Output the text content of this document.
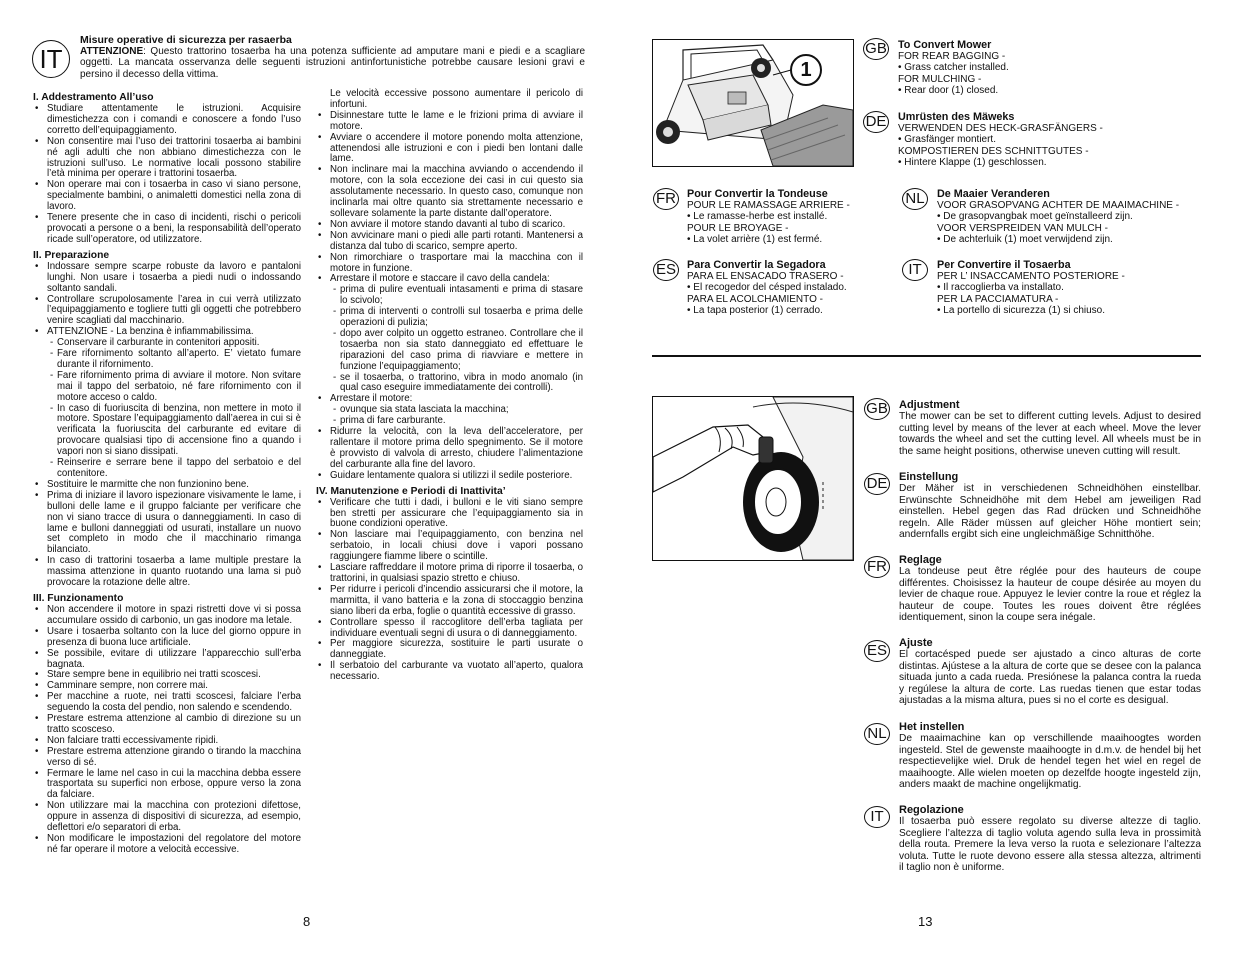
IT
Misure operative di sicurezza per rasaerba
ATTENZIONE: Questo trattorino tosaerba ha una potenza sufficiente ad amputare mani e piedi e a scagliare oggetti. La mancata osservanza delle seguenti istruzioni antinfortunistiche potrebbe causare lesioni gravi e persino il decesso della vittima.
I. Addestramento All’uso
• Studiare attentamente le istruzioni. Acquisire dimestichezza con i comandi e conoscere a fondo l’uso corretto dell’equipaggiamento.
• Non consentire mai l’uso dei trattorini tosaerba ai bambini né agli adulti che non abbiano dimestichezza con le istruzioni sull’uso. Le normative locali possono stabilire l’età minima per operare i trattorini tosaerba.
• Non operare mai con i tosaerba in caso vi siano persone, specialmente bambini, o animaletti domestici nella zona di lavoro.
• Tenere presente che in caso di incidenti, rischi o pericoli provocati a persone o a beni, la responsabilità dell’operato ricade sull’operatore, od utilizzatore.
II. Preparazione
• Indossare sempre scarpe robuste da lavoro e pantaloni lunghi. Non usare i tosaerba a piedi nudi o indossando soltanto sandali.
• Controllare scrupolosamente l’area in cui verrà utilizzato l’equipaggiamento e togliere tutti gli oggetti che potrebbero venire scagliati dal macchinario.
• ATTENZIONE - La benzina è infiammabilissima.
- Conservare il carburante in contenitori appositi.
- Fare rifornimento soltanto all’aperto. E’ vietato fumare durante il rifornimento.
- Fare rifornimento prima di avviare il motore. Non svitare mai il tappo del serbatoio, né fare rifornimento con il motore acceso o caldo.
- In caso di fuoriuscita di benzina, non mettere in moto il motore. Spostare l’equipaggiamento dall’aerea in cui si è verificata la fuoriuscita del carburante ed evitare di provocare qualsiasi tipo di accensione fino a quando i vapori non si siano dissipati.
- Reinserire e serrare bene il tappo del serbatoio e del contenitore.
• Sostituire le marmitte che non funzionino bene.
• Prima di iniziare il lavoro ispezionare visivamente le lame, i bulloni delle lame e il gruppo falciante per verificare che non vi siano tracce di usura o danneggiamenti. In caso di lame e bulloni danneggiati od usurati, installare un nuovo set completo in modo che il macchinario rimanga bilanciato.
• In caso di trattorini tosaerba a lame multiple prestare la massima attenzione in quanto ruotando una lama si può provocare la rotazione delle altre.
III. Funzionamento
• Non accendere il motore in spazi ristretti dove vi si possa accumulare ossido di carbonio, un gas inodore ma letale.
• Usare i tosaerba soltanto con la luce del giorno oppure in presenza di buona luce artificiale.
• Se possibile, evitare di utilizzare l’apparecchio sull’erba bagnata.
• Stare sempre bene in equilibrio nei tratti scoscesi.
• Camminare sempre, non correre mai.
• Per macchine a ruote, nei tratti scoscesi, falciare l’erba seguendo la costa del pendio, non salendo e scendendo.
• Prestare estrema attenzione al cambio di direzione su un tratto scosceso.
• Non falciare tratti eccessivamente ripidi.
• Prestare estrema attenzione girando o tirando la macchina verso di sé.
• Fermare le lame nel caso in cui la macchina debba essere trasportata su superfici non erbose, oppure verso la zona da falciare.
• Non utilizzare mai la macchina con protezioni difettose, oppure in assenza di dispositivi di sicurezza, ad esempio, deflettori e/o separatori di erba.
• Non modificare le impostazioni del regolatore del motore né far operare il motore a velocità eccessive.
Le velocità eccessive possono aumentare il pericolo di infortuni.
• Disinnestare tutte le lame e le frizioni prima di avviare il motore.
• Avviare o accendere il motore ponendo molta attenzione, attenendosi alle istruzioni e con i piedi ben lontani dalle lame.
• Non inclinare mai la macchina avviando o accendendo il motore, con la sola eccezione dei casi in cui questo sia assolutamente necessario. In questo caso, comunque non inclinarla mai oltre quanto sia strettamente necessario e sollevare solamente la parte distante dall’operatore.
• Non avviare il motore stando davanti al tubo di scarico.
• Non avvicinare mani o piedi alle parti rotanti. Mantenersi a distanza dal tubo di scarico, sempre aperto.
• Non rimorchiare o trasportare mai la macchina con il motore in funzione.
• Arrestare il motore e staccare il cavo della candela:
- prima di pulire eventuali intasamenti e prima di stasare lo scivolo;
- prima di interventi o controlli sul tosaerba e prima delle operazioni di pulizia;
- dopo aver colpito un oggetto estraneo. Controllare che il tosaerba non sia stato danneggiato ed effettuare le riparazioni del caso prima di riavviare e mettere in funzione l’equipaggiamento;
- se il tosaerba, o trattorino, vibra in modo anomalo (in qual caso eseguire immediatamente dei controlli).
• Arrestare il motore:
- ovunque sia stata lasciata la macchina;
- prima di fare carburante.
• Ridurre la velocità, con la leva dell’acceleratore, per rallentare il motore prima dello spegnimento. Se il motore è provvisto di valvola di arresto, chiudere l’alimentazione del carburante alla fine del lavoro.
• Guidare lentamente qualora si utilizzi il sedile posteriore.
IV. Manutenzione e Periodi di Inattivita’
• Verificare che tutti i dadi, i bulloni e le viti siano sempre ben stretti per assicurare che l’equipaggiamento sia in buone condizioni operative.
• Non lasciare mai l’equipaggiamento, con benzina nel serbatoio, in locali chiusi dove i vapori possano raggiungere fiamme libere o scintille.
• Lasciare raffreddare il motore prima di riporre il tosaerba, o trattorini, in qualsiasi spazio stretto e chiuso.
• Per ridurre i pericoli d’incendio assicurarsi che il motore, la marmitta, il vano batteria e la zona di stoccaggio benzina siano liberi da erba, foglie o quantità eccessive di grasso.
• Controllare spesso il raccoglitore dell’erba tagliata per individuare eventuali segni di usura o di danneggiamento.
• Per maggiore sicurezza, sostituire le parti usurate o danneggiate.
• Il serbatoio del carburante va vuotato all’aperto, qualora necessario.
8
1
GB To Convert Mower
FOR REAR BAGGING -
• Grass catcher installed.
FOR MULCHING -
• Rear door (1) closed.
DE Umrüsten des Mäweks
VERWENDEN DES HECK-GRASFÄNGERS -
• Grasfänger montiert.
KOMPOSTIEREN DES SCHNITTGUTES -
• Hintere Klappe (1) geschlossen.
FR Pour Convertir la Tondeuse
POUR LE RAMASSAGE ARRIERE -
• Le ramasse-herbe est installé.
POUR LE BROYAGE -
• La volet arrière (1) est fermé.
NL	De Maaier Veranderen
VOOR GRASOPVANG ACHTER DE MAAIMACHINE -
• De grasopvangbak moet geïnstalleerd zijn.
VOOR VERSPREIDEN VAN MULCH -
• De achterluik (1) moet verwijdend zijn.
ES Para Convertir la Segadora
PARA EL ENSACADO TRASERO -
• El recogedor del césped instalado.
PARA EL ACOLCHAMIENTO -
• La tapa posterior (1) cerrado.
IT	Per Convertire il Tosaerba
PER L’ INSACCAMENTO POSTERIORE -
• Il raccoglierba va installato.
PER LA PACCIAMATURA -
• La portello di sicurezza (1) si chiuso.
GB Adjustment
The mower can be set to different cutting levels. Adjust to desired cutting level by means of the lever at each wheel. Move the lever towards the wheel and set the cutting level. All wheels must be in the same height positions, otherwise uneven cutting will result.
DE Einstellung
Der Mäher ist in verschiedenen Schneidhöhen einstellbar. Erwünschte Schneidhöhe mit dem Hebel am jeweiligen Rad einstellen. Hebel gegen das Rad drücken und Schneidhöhe regeln. Alle Räder müssen auf gleicher Höhe montiert sein; andernfalls ergibt sich eine ungleichmäßige Schnitthöhe.
FR Reglage
La tondeuse peut être réglée pour des hauteurs de coupe différentes. Choisissez la hauteur de coupe désirée au moyen du levier de chaque roue. Appuyez le levier contre la roue et réglez la hauteur de coupe. Toutes les roues doivent être réglées identiquement, sinon la coupe sera inégale.
ES Ajuste
El cortacésped puede ser ajustado a cinco alturas de corte distintas. Ajústese a la altura de corte que se desee con la palanca situada junto a cada rueda. Presiónese la palanca contra la rueda y regúlese la altura de corte. Las ruedas tienen que estar todas ajustadas a la misma altura, pues si no el corte es desigual.
NL	Het instellen
De maaimachine kan op verschillende maaihoogtes worden ingesteld. Stel de gewenste maaihoogte in d.m.v. de hendel bij het respectievelijke wiel. Druk de hendel tegen het wiel en regel de maaihoogte. Alle wielen moeten op dezelfde hoogte ingesteld zijn, anders maakt de machine ongelijkmatig.
IT	Regolazione
Il tosaerba può essere regolato su diverse altezze di taglio. Scegliere l’altezza di taglio voluta agendo sulla leva in prossimità della routa. Premere la leva verso la ruota e selezionare l’altezza voluta. Tutte le ruote devono essere alla stessa altezza, altrimenti il taglio non è uniforme.
13
